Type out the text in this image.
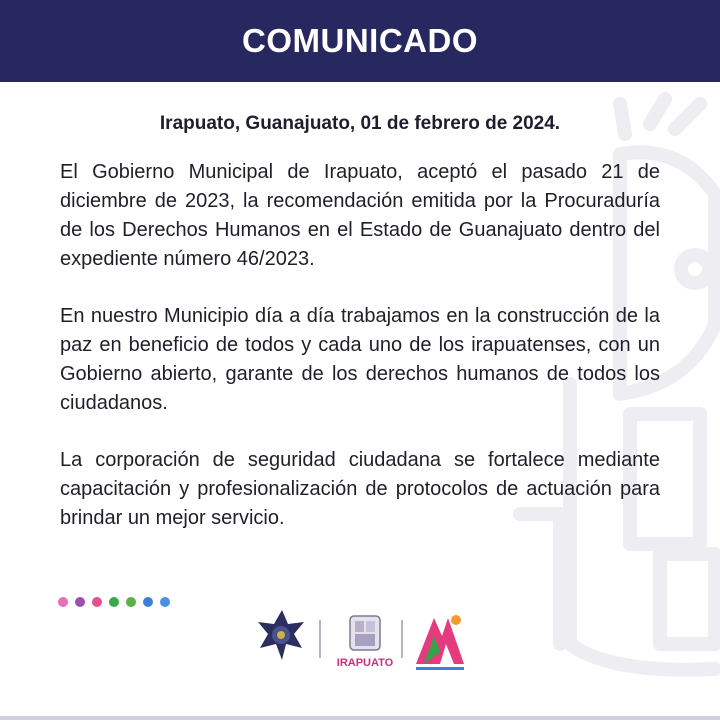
COMUNICADO

Irapuato, Guanajuato, 01 de febrero de 2024.

El Gobierno Municipal de Irapuato, aceptó el pasado 21 de diciembre de 2023, la recomendación emitida por la Procuraduría de los Derechos Humanos en el Estado de Guanajuato dentro del expediente número 46/2023.

En nuestro Municipio día a día trabajamos en la construcción de la paz en beneficio de todos y cada uno de los irapuatenses, con un Gobierno abierto, garante de los derechos humanos de todos los ciudadanos.

La corporación de seguridad ciudadana se fortalece mediante capacitación y profesionalización de protocolos de actuación para brindar un mejor servicio.

IRAPUATO
